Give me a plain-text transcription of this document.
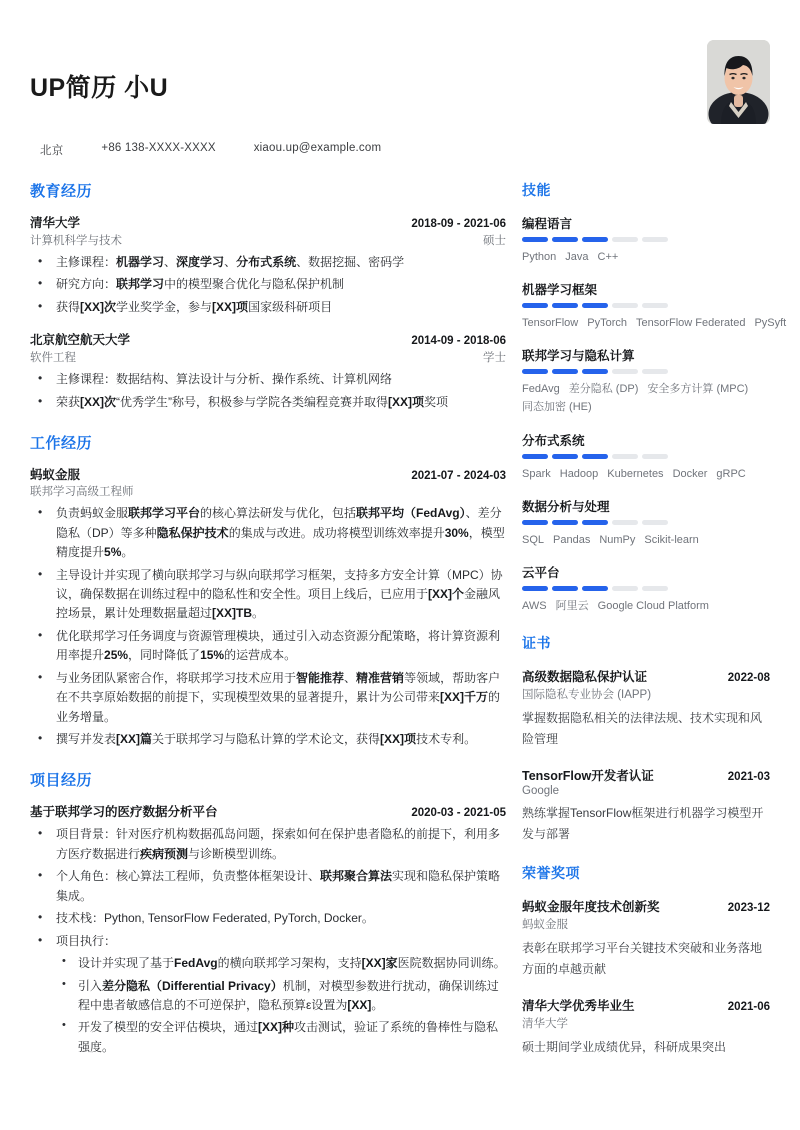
UP简历 小U
北京	+86 138-XXXX-XXXX	xiaou.up@example.com
教育经历
清华大学	2018-09 - 2021-06
计算机科学与技术	硕士
• 主修课程：机器学习、深度学习、分布式系统、数据挖掘、密码学
• 研究方向：联邦学习中的模型聚合优化与隐私保护机制
• 获得[XX]次学业奖学金，参与[XX]项国家级科研项目
北京航空航天大学	2014-09 - 2018-06
软件工程	学士
• 主修课程：数据结构、算法设计与分析、操作系统、计算机网络
• 荣获[XX]次“优秀学生”称号，积极参与学院各类编程竞赛并取得[XX]项奖项
工作经历
蚂蚁金服	2021-07 - 2024-03
联邦学习高级工程师
• 负责蚂蚁金服联邦学习平台的核心算法研发与优化，包括联邦平均（FedAvg）、差分隐私（DP）等多种隐私保护技术的集成与改进。成功将模型训练效率提升30%，模型精度提升5%。
• 主导设计并实现了横向联邦学习与纵向联邦学习框架，支持多方安全计算（MPC）协议，确保数据在训练过程中的隐私性和安全性。项目上线后，已应用于[XX]个金融风控场景，累计处理数据量超过[XX]TB。
• 优化联邦学习任务调度与资源管理模块，通过引入动态资源分配策略，将计算资源利用率提升25%，同时降低了15%的运营成本。
• 与业务团队紧密合作，将联邦学习技术应用于智能推荐、精准营销等领域，帮助客户在不共享原始数据的前提下，实现模型效果的显著提升，累计为公司带来[XX]千万的业务增量。
• 撰写并发表[XX]篇关于联邦学习与隐私计算的学术论文，获得[XX]项技术专利。
项目经历
基于联邦学习的医疗数据分析平台	2020-03 - 2021-05
• 项目背景：针对医疗机构数据孤岛问题，探索如何在保护患者隐私的前提下，利用多方医疗数据进行疾病预测与诊断模型训练。
• 个人角色：核心算法工程师，负责整体框架设计、联邦聚合算法实现和隐私保护策略集成。
• 技术栈：Python, TensorFlow Federated, PyTorch, Docker。
• 项目执行：
• 设计并实现了基于FedAvg的横向联邦学习架构，支持[XX]家医院数据协同训练。
• 引入差分隐私（Differential Privacy）机制，对模型参数进行扰动，确保训练过程中患者敏感信息的不可逆保护，隐私预算ε设置为[XX]。
• 开发了模型的安全评估模块，通过[XX]种攻击测试，验证了系统的鲁棒性与隐私强度。
技能
编程语言
Python Java C++
机器学习框架
TensorFlow PyTorch TensorFlow Federated PySyft
联邦学习与隐私计算
FedAvg 差分隐私 (DP) 安全多方计算 (MPC)同态加密 (HE)
分布式系统
Spark Hadoop Kubernetes Docker gRPC
数据分析与处理
SQL Pandas NumPy Scikit-learn
云平台
AWS 阿里云 Google Cloud Platform
证书
高级数据隐私保护认证	2022-08
国际隐私专业协会 (IAPP)
掌握数据隐私相关的法律法规、技术实现和风险管理
TensorFlow开发者认证	2021-03
Google
熟练掌握TensorFlow框架进行机器学习模型开发与部署
荣誉奖项
蚂蚁金服年度技术创新奖	2023-12
蚂蚁金服
表彰在联邦学习平台关键技术突破和业务落地方面的卓越贡献
清华大学优秀毕业生	2021-06
清华大学
硕士期间学业成绩优异，科研成果突出
